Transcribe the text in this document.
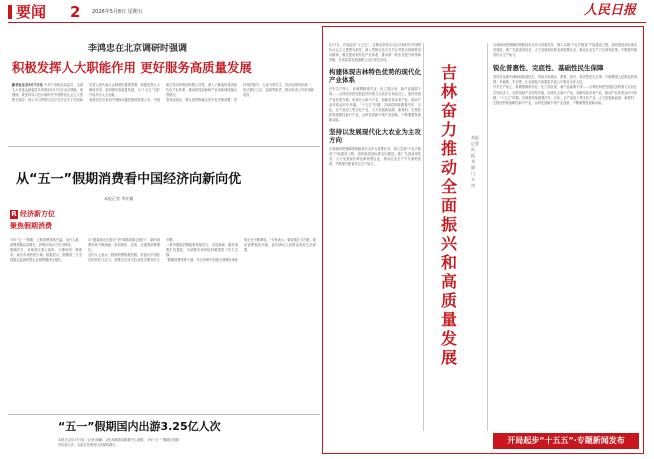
要闻 2 2026年5月8日 星期五	人民日报
李鸿忠在北京调研时强调
积极发挥人大职能作用 更好服务高质量发展
新华社北京5月7日电 中共中央政治局委员、全国人大常委会副委员长李鸿忠5月7日在北京调研。他强调，要坚持以习近平新时代中国特色社会主义思想为指导，深入学习贯彻习近平总书记关于坚持和完善人民代表大会制度的重要思想，积极发挥人大职能作用，更好服务高质量发展，为“十五五”良好开局作出人大贡献。
李鸿忠先后来到中国移动通信集团有限公司、中国航空发动机集团有限公司等，深入了解加快建设现代化产业体系、推动科技创新和产业创新深度融合等情况。
李鸿忠指出，要认真贯彻落实党中央决策部署，坚持党的领导、人民当家作主、依法治国有机统一，依法履行立法、监督等职责，推动各项工作取得新成效。
从“五一”假期消费看中国经济向新向优
本报记者 李亚楠
R 经济新方位
聚焦假期消费
今年“五一”假期，文旅消费持续升温，出行人数、消费规模双双增长，消费市场活力充分释放。
假期首日，各地景区游人如织，文博场馆一票难求，演出市场热度不减。数据显示，假期前三天全国重点监测零售企业销售额同比增长。
从“跟着演出去旅行”到“跟着赛事去旅行”，新的消费场景不断涌现，带动餐饮、住宿、交通等消费增长。
业内人士表示，假期消费数据亮眼，折射出中国经济的韧性与活力，消费正在成为拉动经济增长的主引擎。
一系列提振消费政策持续发力，以旧换新、服务消费扩容提质，为消费市场持续回暖提供了有力支撑。
“假期消费热度不减，充分说明中国超大规模市场优势正在不断释放。”专家表示，要持续扩大内需，推动消费提质升级，更好满足人民群众美好生活需要。
“五一”假期国内出游3.25亿人次
本报北京5月7日电（记者 杨曦）文化和旅游部数据中心测算，今年“五一”假期全国国内出游人次、出游总花费同比均保持增长。
5月7日，开局起步“十五五”，吉林省坚持以习近平新时代中国特色社会主义思想为指导，深入贯彻习近平总书记考察吉林重要讲话精神，锚定建设现代化产业体系，推动新一轮东北振兴取得新突破，在高质量发展道路上迈出坚实步伐。
构建体现吉林特色优势的现代化产业体系
汽车生产线上，机械臂精准作业；化工园区里，新产品源源下线……吉林坚持把发展经济的着力点放在实体经济上，加快传统产业转型升级，培育壮大新兴产业，前瞻布局未来产业，推动产业体系迈向中高端。“十五五”时期，吉林将持续做强汽车、石化、农产品加工等支柱产业，大力发展新能源、新材料、生物医药等战略性新兴产业，以科技创新引领产业创新，不断增强发展新动能。
坚持以发展现代化大农业为主攻方向
吉林始终把保障国家粮食安全作为首要任务，深入实施“千亿斤粮食”产能建设工程，加快推进高标准农田建设，推广先进适用技术，大力发展现代种业和智慧农业，推动农业生产方式深刻变革，不断提升粮食综合生产能力。
吉林奋力推动全面振兴和高质量发展
本报记者 孙 振 刘 晓 门 丰 涛
吉林始终把保障国家粮食安全作为首要任务，深入实施“千亿斤粮食”产能建设工程，加快推进高标准农田建设，推广先进适用技术，大力发展现代种业和智慧农业，推动农业生产方式深刻变革，不断提升粮食综合生产能力。
锐化普惠性、完底性、基础性民生保障
坚持在发展中保障和改善民生，持续办好就业、教育、医疗、养老等民生实事，不断增强人民群众获得感、幸福感、安全感，让全面振兴成果更多更公平惠及全体人民。
汽车生产线上，机械臂精准作业；化工园区里，新产品源源下线……吉林坚持把发展经济的着力点放在实体经济上，加快传统产业转型升级，培育壮大新兴产业，前瞻布局未来产业，推动产业体系迈向中高端。“十五五”时期，吉林将持续做强汽车、石化、农产品加工等支柱产业，大力发展新能源、新材料、生物医药等战略性新兴产业，以科技创新引领产业创新，不断增强发展新动能。
开局起步“十五五”·专题新闻发布
